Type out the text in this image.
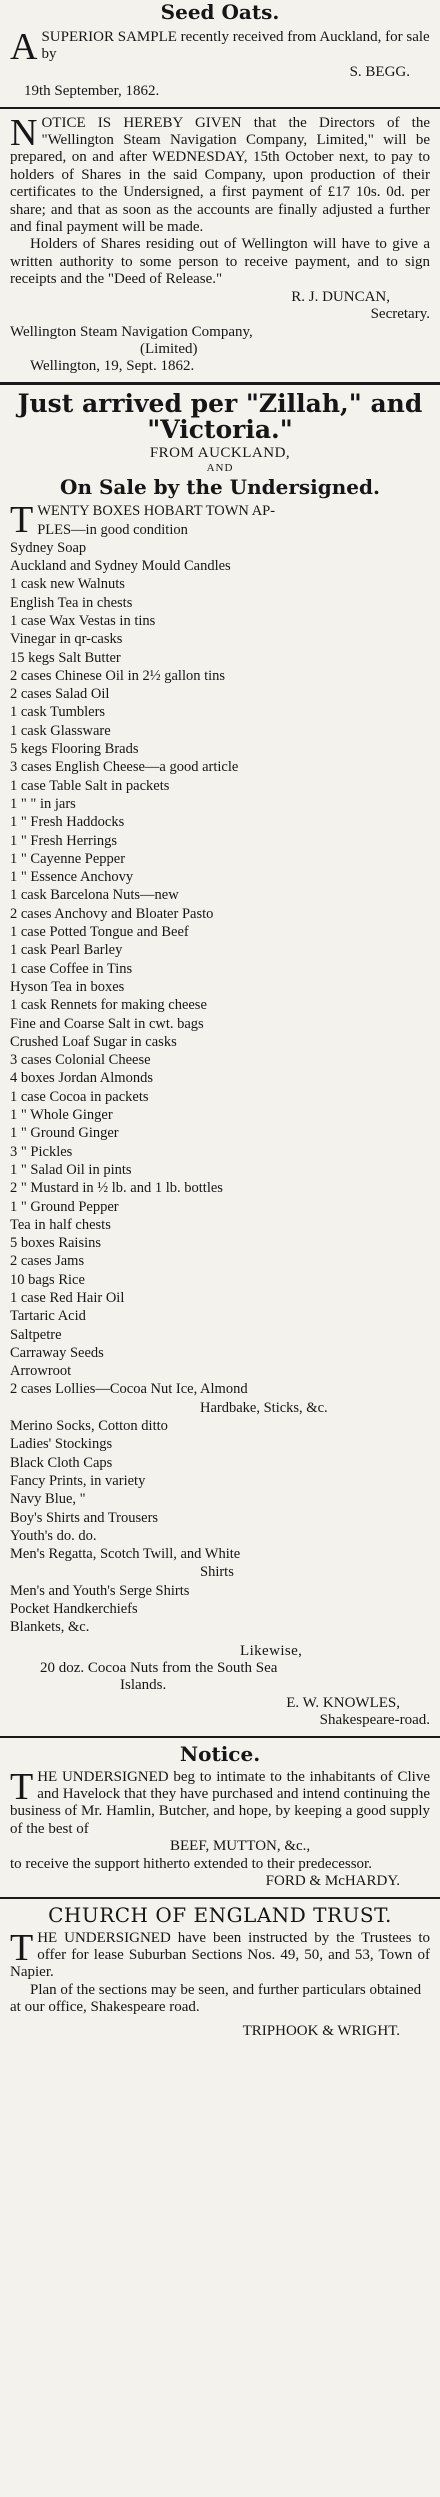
Seed Oats.
A SUPERIOR SAMPLE recently received from Auckland, for sale by

S. BEGG.

19th September, 1862.

N OTICE IS HEREBY GIVEN that the Directors of the "Wellington Steam Navigation Company, Limited," will be prepared, on and after WEDNESDAY, 15th October next, to pay to holders of Shares in the said Company, upon production of their certificates to the Undersigned, a first payment of £17 10s. 0d. per share; and that as soon as the accounts are finally adjusted a further and final payment will be made.

Holders of Shares residing out of Wellington will have to give a written authority to some person to receive payment, and to sign receipts and the "Deed of Release."

R. J. DUNCAN,

Secretary.

Wellington Steam Navigation Company,

(Limited)

Wellington, 19, Sept. 1862.

Just arrived per "Zillah," and
"Victoria."
FROM AUCKLAND,
AND
On Sale by the Undersigned.
T WENTY BOXES HOBART TOWN AP-
PLES—in good condition
Sydney Soap
Auckland and Sydney Mould Candles
1 cask new Walnuts
English Tea in chests
1 case Wax Vestas in tins
Vinegar in qr-casks
15 kegs Salt Butter
2 cases Chinese Oil in 2½ gallon tins
2 cases Salad Oil
1 cask Tumblers
1 cask Glassware
5 kegs Flooring Brads
3 cases English Cheese—a good article
1 case Table Salt in packets
1 " " in jars
1 " Fresh Haddocks
1 " Fresh Herrings
1 " Cayenne Pepper
1 " Essence Anchovy
1 cask Barcelona Nuts—new
2 cases Anchovy and Bloater Pasto
1 case Potted Tongue and Beef
1 cask Pearl Barley
1 case Coffee in Tins
Hyson Tea in boxes
1 cask Rennets for making cheese
Fine and Coarse Salt in cwt. bags
Crushed Loaf Sugar in casks
3 cases Colonial Cheese
4 boxes Jordan Almonds
1 case Cocoa in packets
1 " Whole Ginger
1 " Ground Ginger
3 " Pickles
1 " Salad Oil in pints
2 " Mustard in ½ lb. and 1 lb. bottles
1 " Ground Pepper
Tea in half chests
5 boxes Raisins
2 cases Jams
10 bags Rice
1 case Red Hair Oil
Tartaric Acid
Saltpetre
Carraway Seeds
Arrowroot
2 cases Lollies—Cocoa Nut Ice, Almond
Hardbake, Sticks, &c.
Merino Socks, Cotton ditto
Ladies' Stockings
Black Cloth Caps
Fancy Prints, in variety
Navy Blue, "
Boy's Shirts and Trousers
Youth's do. do.
Men's Regatta, Scotch Twill, and White
Shirts
Men's and Youth's Serge Shirts
Pocket Handkerchiefs
Blankets, &c.

Likewise,

20 doz. Cocoa Nuts from the South Sea

Islands.

E. W. KNOWLES,

Shakespeare-road.

Notice.
T HE UNDERSIGNED beg to intimate to the inhabitants of Clive and Havelock that they have purchased and intend continuing the business of Mr. Hamlin, Butcher, and hope, by keeping a good supply of the best of

BEEF, MUTTON, &c.,

to receive the support hitherto extended to their predecessor.

FORD & McHARDY.

CHURCH OF ENGLAND TRUST.
T HE UNDERSIGNED have been instructed by the Trustees to offer for lease Suburban Sections Nos. 49, 50, and 53, Town of Napier.

Plan of the sections may be seen, and further particulars obtained at our office, Shakespeare road.

TRIPHOOK & WRIGHT.
